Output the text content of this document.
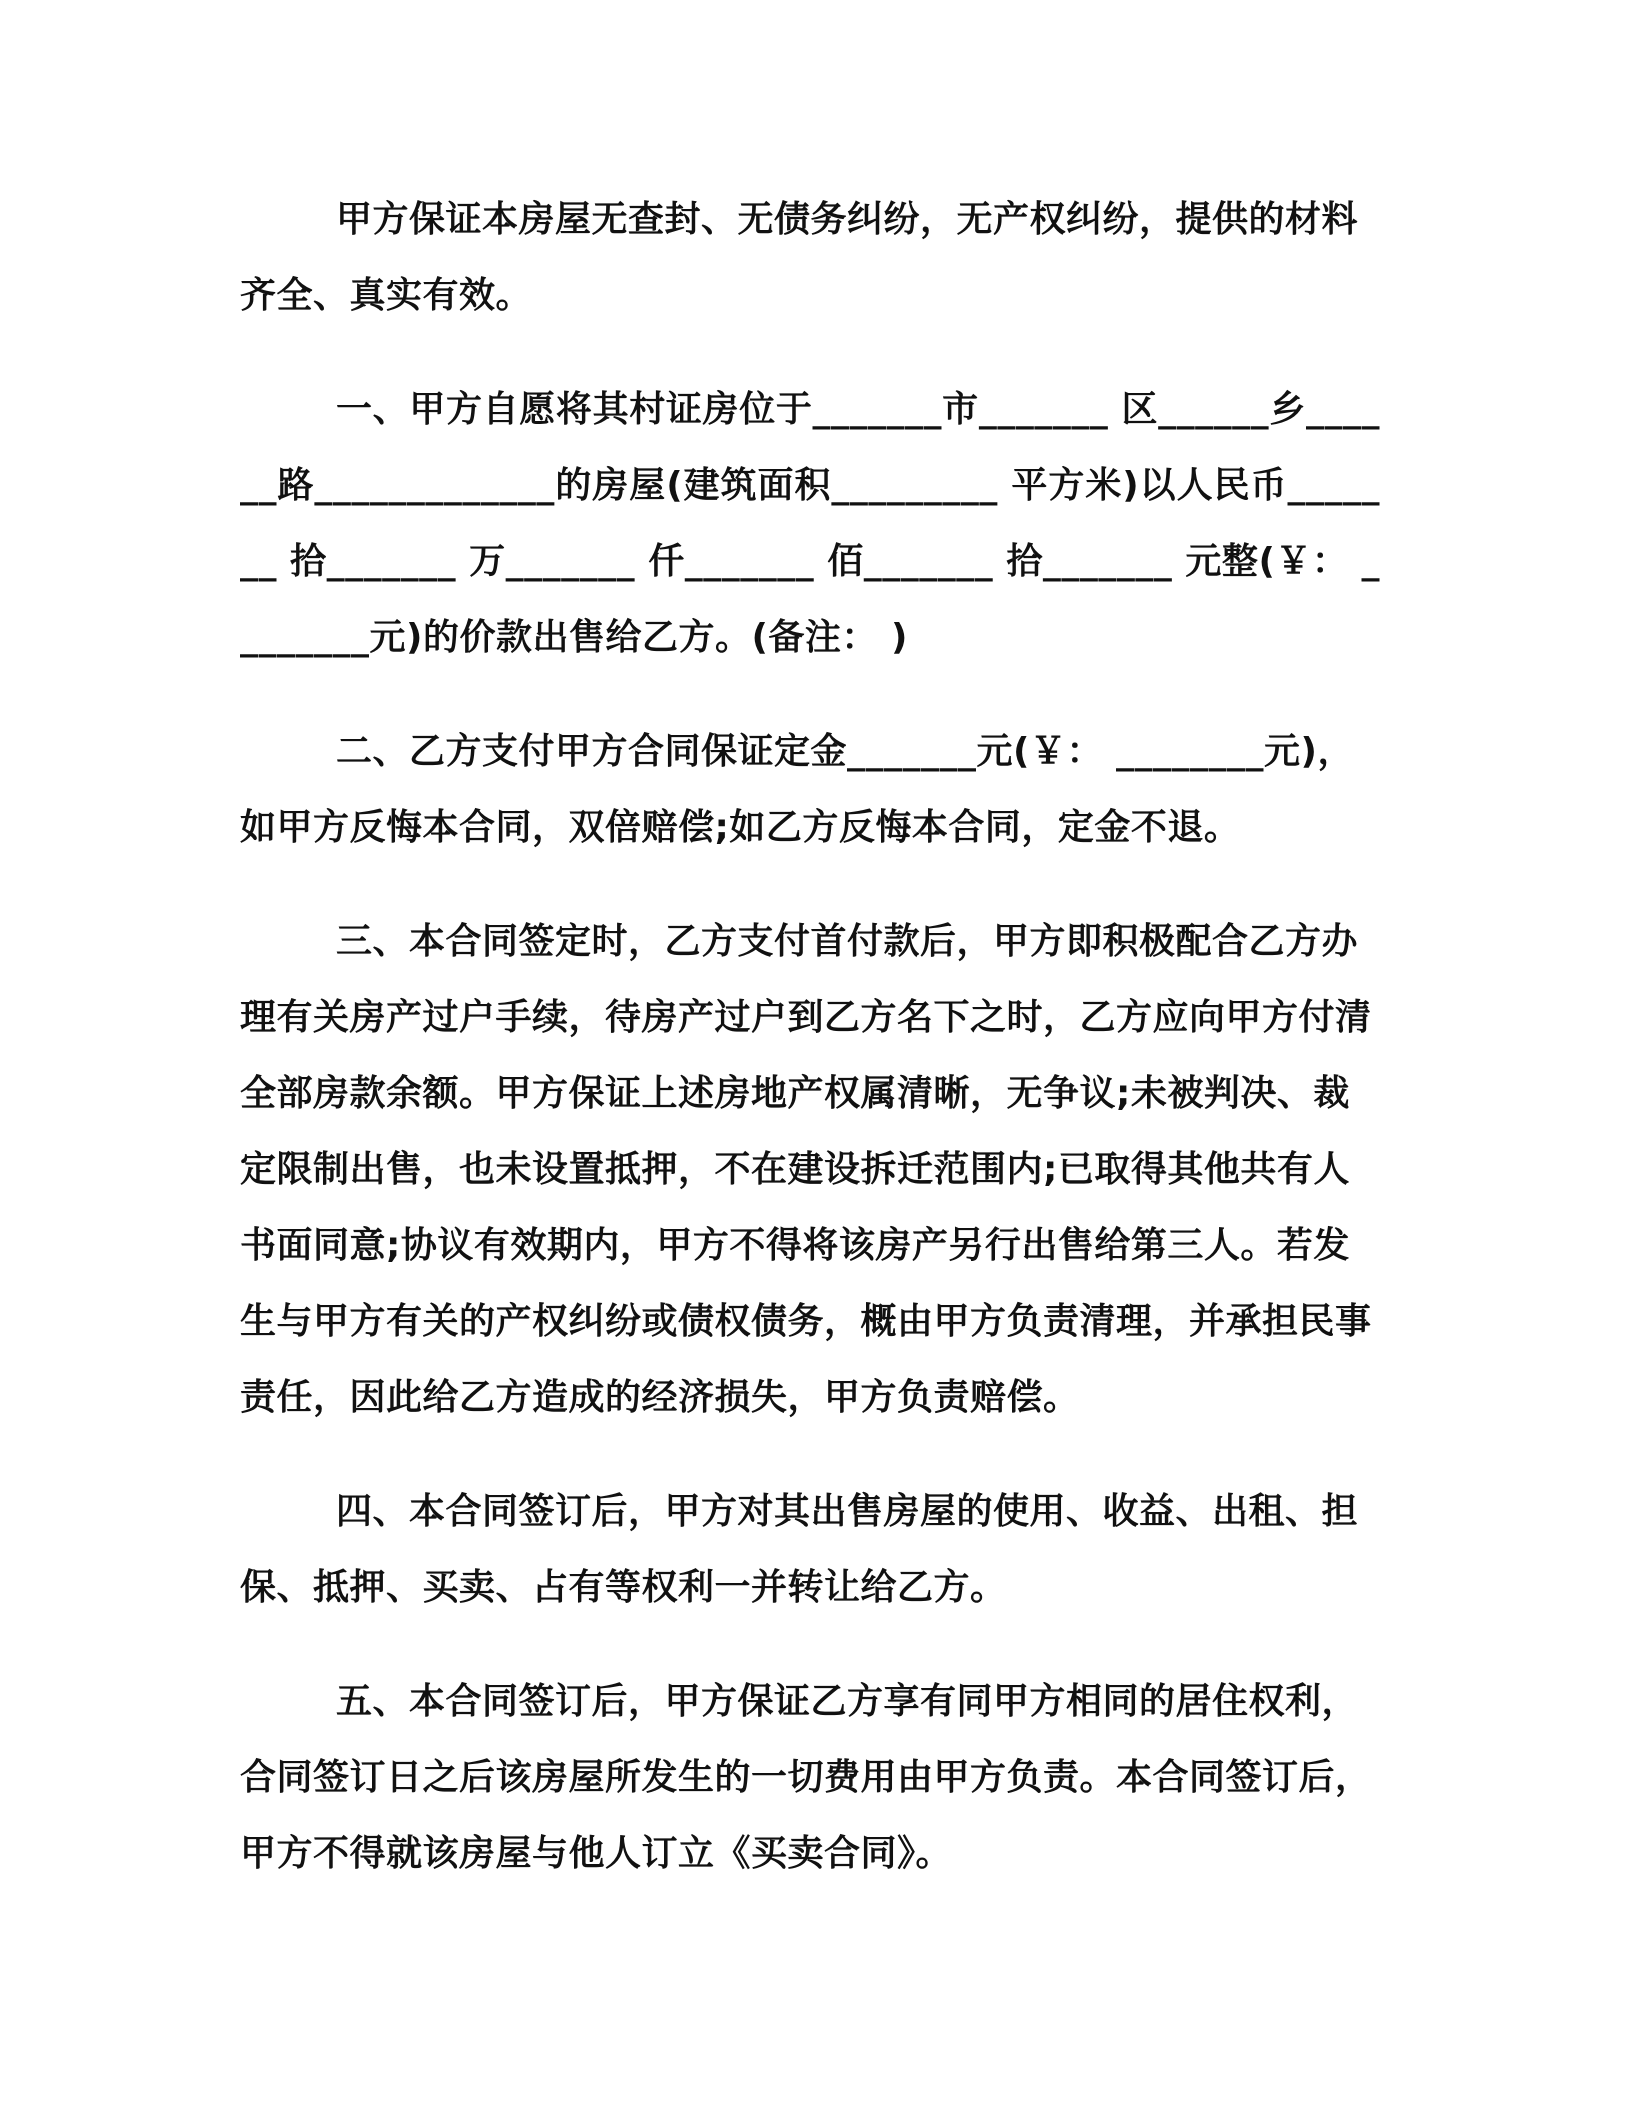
甲方保证本房屋无查封、无债务纠纷，无产权纠纷，提供的材料齐全、真实有效。

一、甲方自愿将其村证房位于_______市_______ 区______乡______路_____________的房屋(建筑面积_________ 平方米)以人民币_______ 拾_______ 万_______ 仟_______ 佰_______ 拾_______ 元整(￥： ________元)的价款出售给乙方。(备注： )

二、乙方支付甲方合同保证定金_______元(￥： ________元)，如甲方反悔本合同，双倍赔偿;如乙方反悔本合同，定金不退。

三、本合同签定时，乙方支付首付款后，甲方即积极配合乙方办理有关房产过户手续，待房产过户到乙方名下之时，乙方应向甲方付清全部房款余额。甲方保证上述房地产权属清晰，无争议;未被判决、裁定限制出售，也未设置抵押，不在建设拆迁范围内;已取得其他共有人书面同意;协议有效期内，甲方不得将该房产另行出售给第三人。若发生与甲方有关的产权纠纷或债权债务，概由甲方负责清理，并承担民事责任，因此给乙方造成的经济损失，甲方负责赔偿。

四、本合同签订后，甲方对其出售房屋的使用、收益、出租、担保、抵押、买卖、占有等权利一并转让给乙方。

五、本合同签订后，甲方保证乙方享有同甲方相同的居住权利，合同签订日之后该房屋所发生的一切费用由甲方负责。本合同签订后，甲方不得就该房屋与他人订立《买卖合同》。
